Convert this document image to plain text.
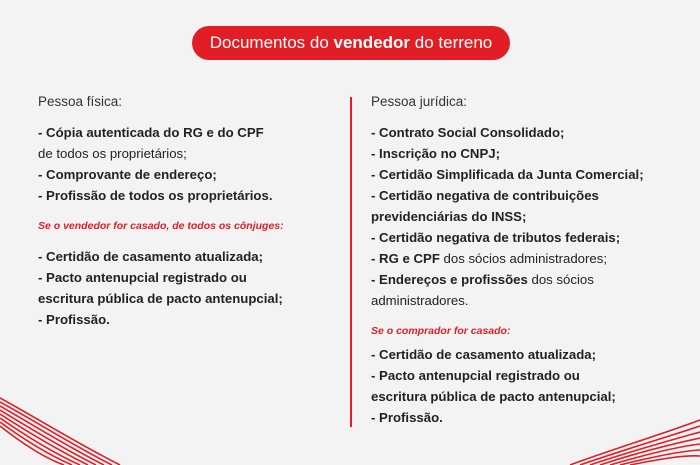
Documentos do vendedor do terreno
Pessoa física:
- Cópia autenticada do RG e do CPF
de todos os proprietários;
- Comprovante de endereço;
- Profissão de todos os proprietários.
Se o vendedor for casado, de todos os cônjuges:
- Certidão de casamento atualizada;
- Pacto antenupcial registrado ou
escritura pública de pacto antenupcial;
- Profissão.
Pessoa jurídica:
- Contrato Social Consolidado;
- Inscrição no CNPJ;
- Certidão Simplificada da Junta Comercial;
- Certidão negativa de contribuições
previdenciárias do INSS;
- Certidão negativa de tributos federais;
- RG e CPF dos sócios administradores;
- Endereços e profissões dos sócios
administradores.
Se o comprador for casado:
- Certidão de casamento atualizada;
- Pacto antenupcial registrado ou
escritura pública de pacto antenupcial;
- Profissão.
